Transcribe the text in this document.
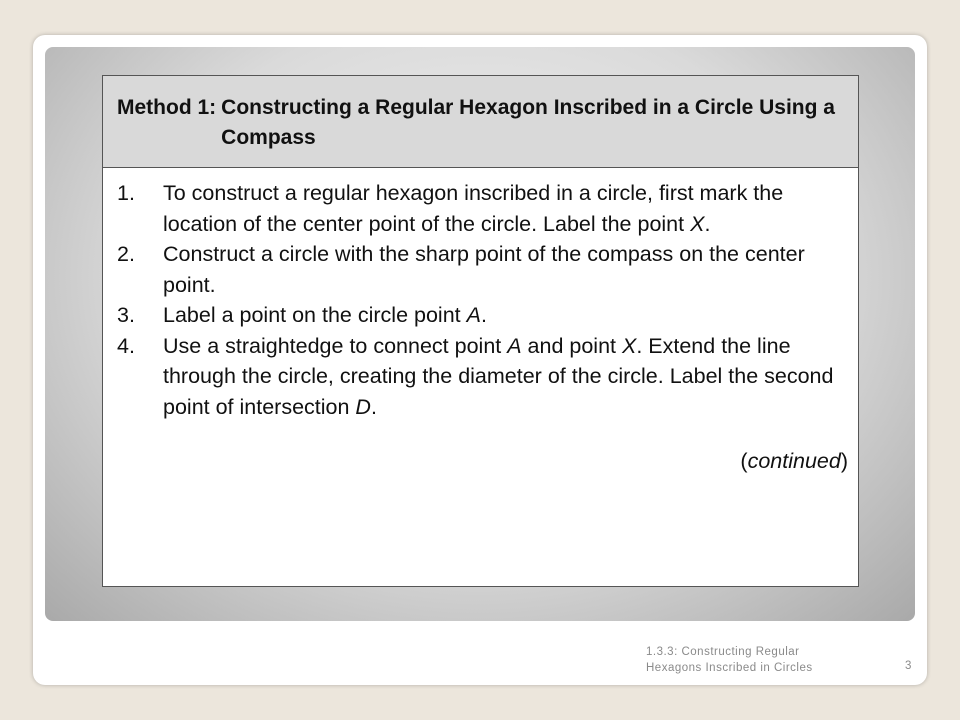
Method 1: Constructing a Regular Hexagon Inscribed in a Circle Using a Compass
1.	To construct a regular hexagon inscribed in a circle, first mark the location of the center point of the circle. Label the point X.
2.	Construct a circle with the sharp point of the compass on the center point.
3.	Label a point on the circle point A.
4.	Use a straightedge to connect point A and point X. Extend the line through the circle, creating the diameter of the circle. Label the second point of intersection D.
(continued)
1.3.3: Constructing Regular
Hexagons Inscribed in Circles	3
